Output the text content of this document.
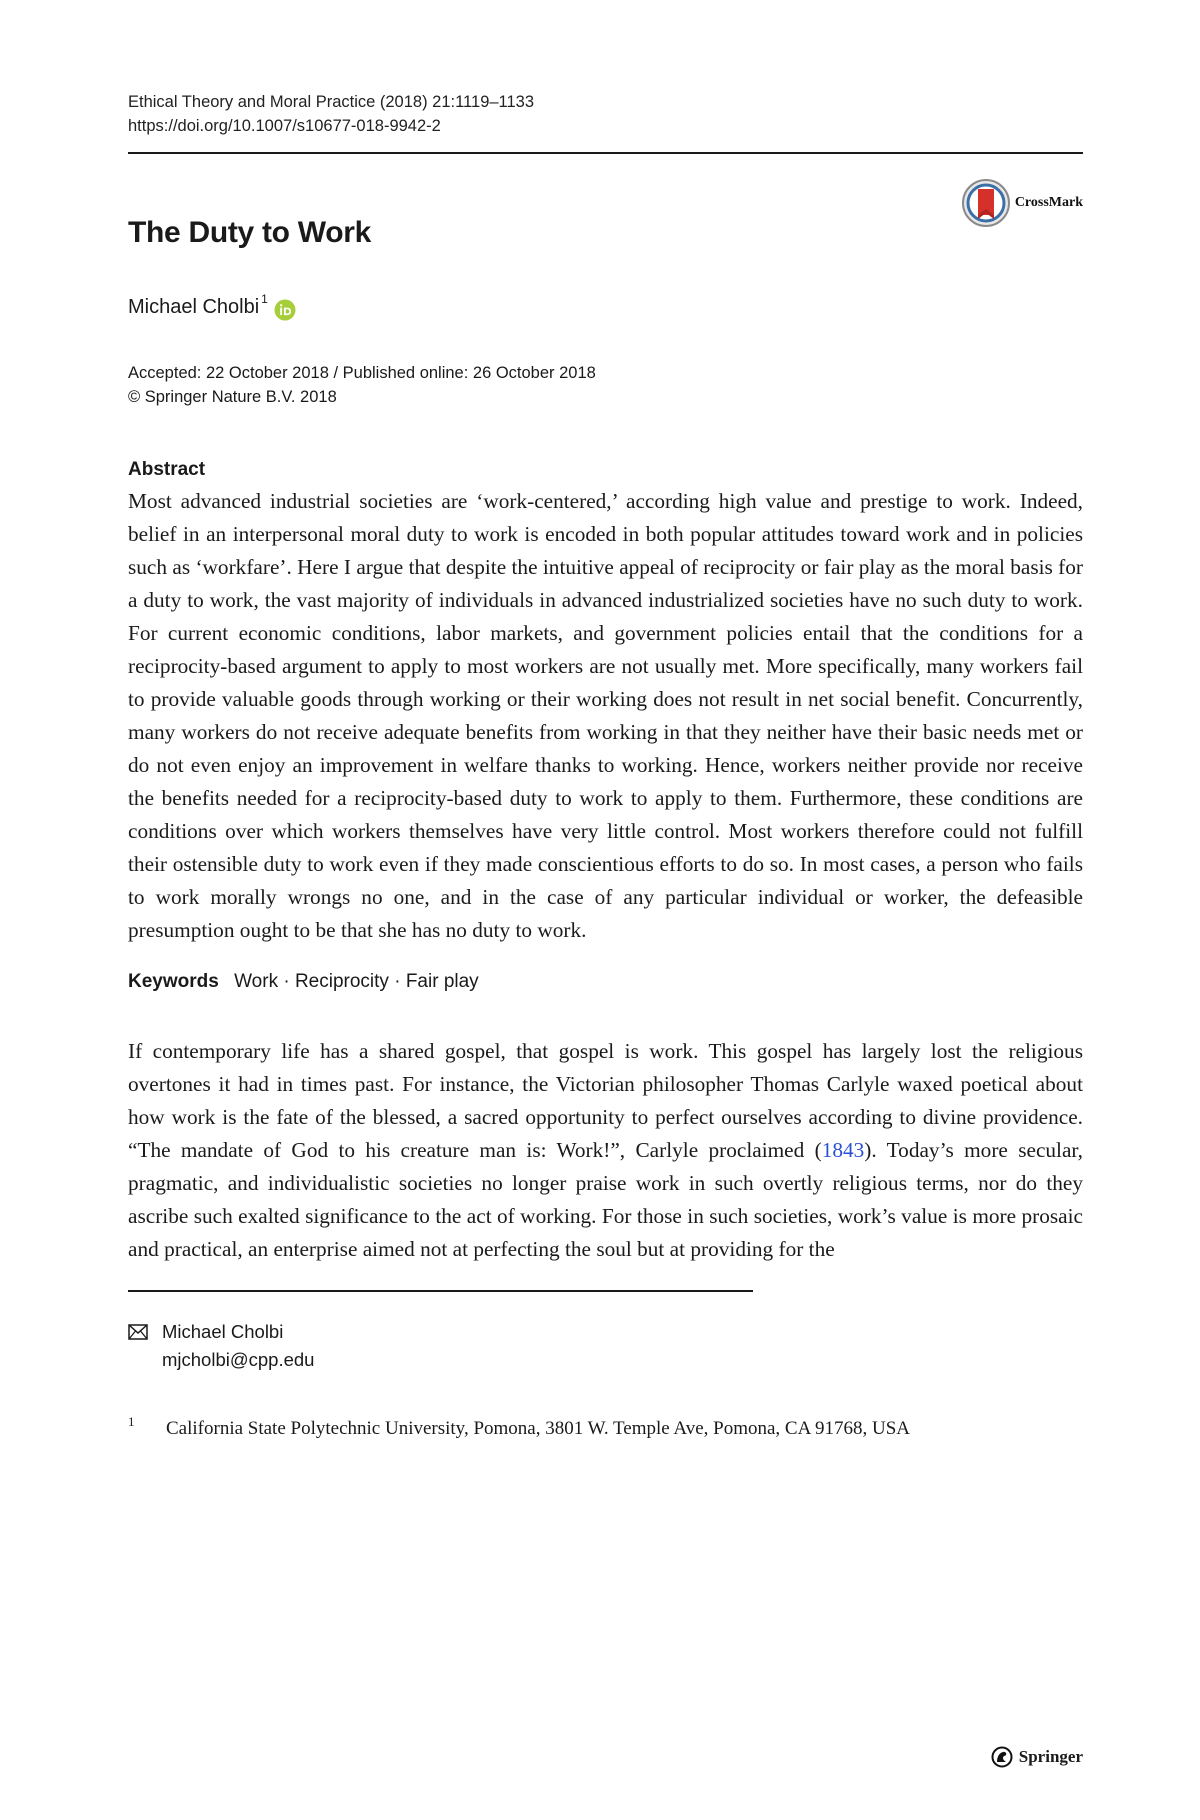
Ethical Theory and Moral Practice (2018) 21:1119–1133
https://doi.org/10.1007/s10677-018-9942-2
CrossMark
The Duty to Work
Michael Cholbi$^1$
Accepted: 22 October 2018 / Published online: 26 October 2018
© Springer Nature B.V. 2018
Abstract
Most advanced industrial societies are ‘work-centered,’ according high value and prestige to work. Indeed, belief in an interpersonal moral duty to work is encoded in both popular attitudes toward work and in policies such as ‘workfare’. Here I argue that despite the intuitive appeal of reciprocity or fair play as the moral basis for a duty to work, the vast majority of individuals in advanced industrialized societies have no such duty to work. For current economic conditions, labor markets, and government policies entail that the conditions for a reciprocity-based argument to apply to most workers are not usually met. More specifically, many workers fail to provide valuable goods through working or their working does not result in net social benefit. Concurrently, many workers do not receive adequate benefits from working in that they neither have their basic needs met or do not even enjoy an improvement in welfare thanks to working. Hence, workers neither provide nor receive the benefits needed for a reciprocity-based duty to work to apply to them. Furthermore, these conditions are conditions over which workers themselves have very little control. Most workers therefore could not fulfill their ostensible duty to work even if they made conscientious efforts to do so. In most cases, a person who fails to work morally wrongs no one, and in the case of any particular individual or worker, the defeasible presumption ought to be that she has no duty to work.
Keywords Work · Reciprocity · Fair play
If contemporary life has a shared gospel, that gospel is work. This gospel has largely lost the religious overtones it had in times past. For instance, the Victorian philosopher Thomas Carlyle waxed poetical about how work is the fate of the blessed, a sacred opportunity to perfect ourselves according to divine providence. “The mandate of God to his creature man is: Work!”, Carlyle proclaimed (1843). Today’s more secular, pragmatic, and individualistic societies no longer praise work in such overtly religious terms, nor do they ascribe such exalted significance to the act of working. For those in such societies, work’s value is more prosaic and practical, an enterprise aimed not at perfecting the soul but at providing for the
Michael Cholbi
mjcholbi@cpp.edu
1 California State Polytechnic University, Pomona, 3801 W. Temple Ave, Pomona, CA 91768, USA
Springer
